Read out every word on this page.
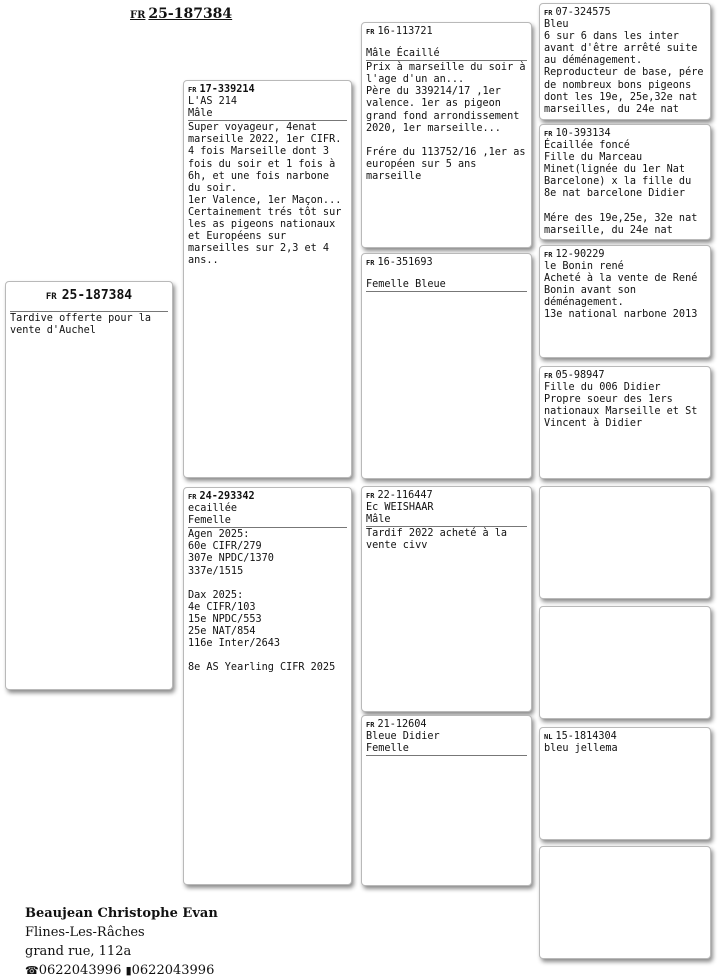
FR 25-187384
FR 25-187384
Tardive offerte pour la vente d'Auchel
FR 17-339214
L'AS 214
Mâle
Super voyageur, 4enat marseille 2022, 1er CIFR.
4 fois Marseille dont 3 fois du soir et 1 fois à 6h, et une fois narbone du soir.
1er Valence, 1er Maçon...
Certainement trés tôt sur les as pigeons nationaux et Européens sur marseilles sur 2,3 et 4 ans..
FR 24-293342
ecaillée
Femelle
Agen 2025:
60e CIFR/279
307e NPDC/1370
337e/1515

Dax 2025:
4e CIFR/103
15e NPDC/553
25e NAT/854
116e Inter/2643

8e AS Yearling CIFR 2025
FR 16-113721
Mâle Écaillé
Prix à marseille du soir à l'age d'un an...
Père du 339214/17 ,1er valence. 1er as pigeon grand fond arrondissement 2020, 1er marseille...

Frére du 113752/16 ,1er as européen sur 5 ans marseille
FR 16-351693
Femelle Bleue
FR 22-116447
Ec WEISHAAR
Mâle
Tardif 2022 acheté à la vente civv
FR 21-12604
Bleue Didier
Femelle
FR 07-324575
Bleu
6 sur 6 dans les inter avant d'être arrêté suite au déménagement.
Reproducteur de base, pére de nombreux bons pigeons dont les 19e, 25e,32e nat marseilles, du 24e nat
FR 10-393134
Écaillée foncé
Fille du Marceau Minet(lignée du 1er Nat Barcelone) x la fille du 8e nat barcelone Didier

Mére des 19e,25e, 32e nat marseille, du 24e nat
FR 12-90229
le Bonin rené
Acheté à la vente de René Bonin avant son déménagement.
13e national narbone 2013
FR 05-98947
Fille du 006 Didier
Propre soeur des 1ers nationaux Marseille et St Vincent à Didier
NL 15-1814304
bleu jellema
Beaujean Christophe Evan
Flines-Les-Râches
grand rue, 112a
☎0622043996 ▮0622043996
